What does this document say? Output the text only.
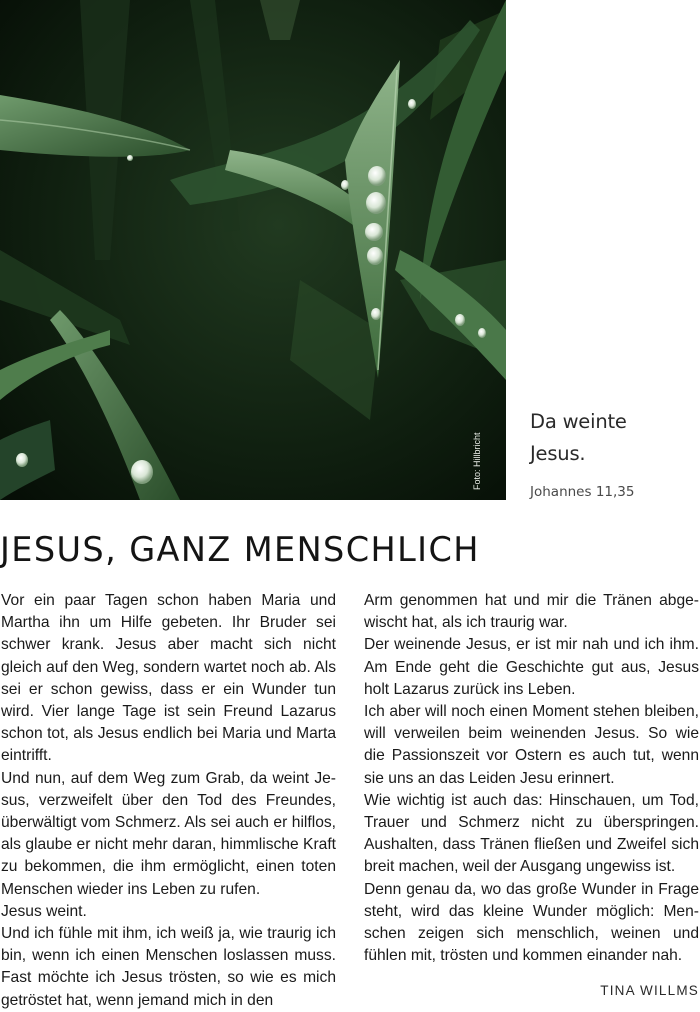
Foto: Hillbricht
Da weinte
Jesus.
Johannes 11,35
JESUS, GANZ MENSCHLICH

Vor ein paar Tagen schon haben Maria und Martha ihn um Hilfe gebeten. Ihr Bruder sei schwer krank. Jesus aber macht sich nicht gleich auf den Weg, sondern wartet noch ab. Als sei er schon gewiss, dass er ein Wunder tun wird. Vier lange Tage ist sein Freund Lazarus schon tot, als Jesus endlich bei Maria und Marta eintrifft.

Und nun, auf dem Weg zum Grab, da weint Jesus, verzweifelt über den Tod des Freundes, überwältigt vom Schmerz. Als sei auch er hilflos, als glaube er nicht mehr daran, himmlische Kraft zu bekommen, die ihm ermöglicht, einen toten Menschen wieder ins Leben zu rufen.

Jesus weint.

Und ich fühle mit ihm, ich weiß ja, wie traurig ich bin, wenn ich einen Menschen loslassen muss. Fast möchte ich Jesus trösten, so wie es mich getröstet hat, wenn jemand mich in den

Arm genommen hat und mir die Tränen abgewischt hat, als ich traurig war.

Der weinende Jesus, er ist mir nah und ich ihm. Am Ende geht die Geschichte gut aus, Jesus holt Lazarus zurück ins Leben.

Ich aber will noch einen Moment stehen bleiben, will verweilen beim weinenden Jesus. So wie die Passionszeit vor Ostern es auch tut, wenn sie uns an das Leiden Jesu erinnert.

Wie wichtig ist auch das: Hinschauen, um Tod, Trauer und Schmerz nicht zu überspringen. Aushalten, dass Tränen fließen und Zweifel sich breit machen, weil der Ausgang ungewiss ist.

Denn genau da, wo das große Wunder in Frage steht, wird das kleine Wunder möglich: Menschen zeigen sich menschlich, weinen und fühlen mit, trösten und kommen einander nah.

TINA WILLMS
